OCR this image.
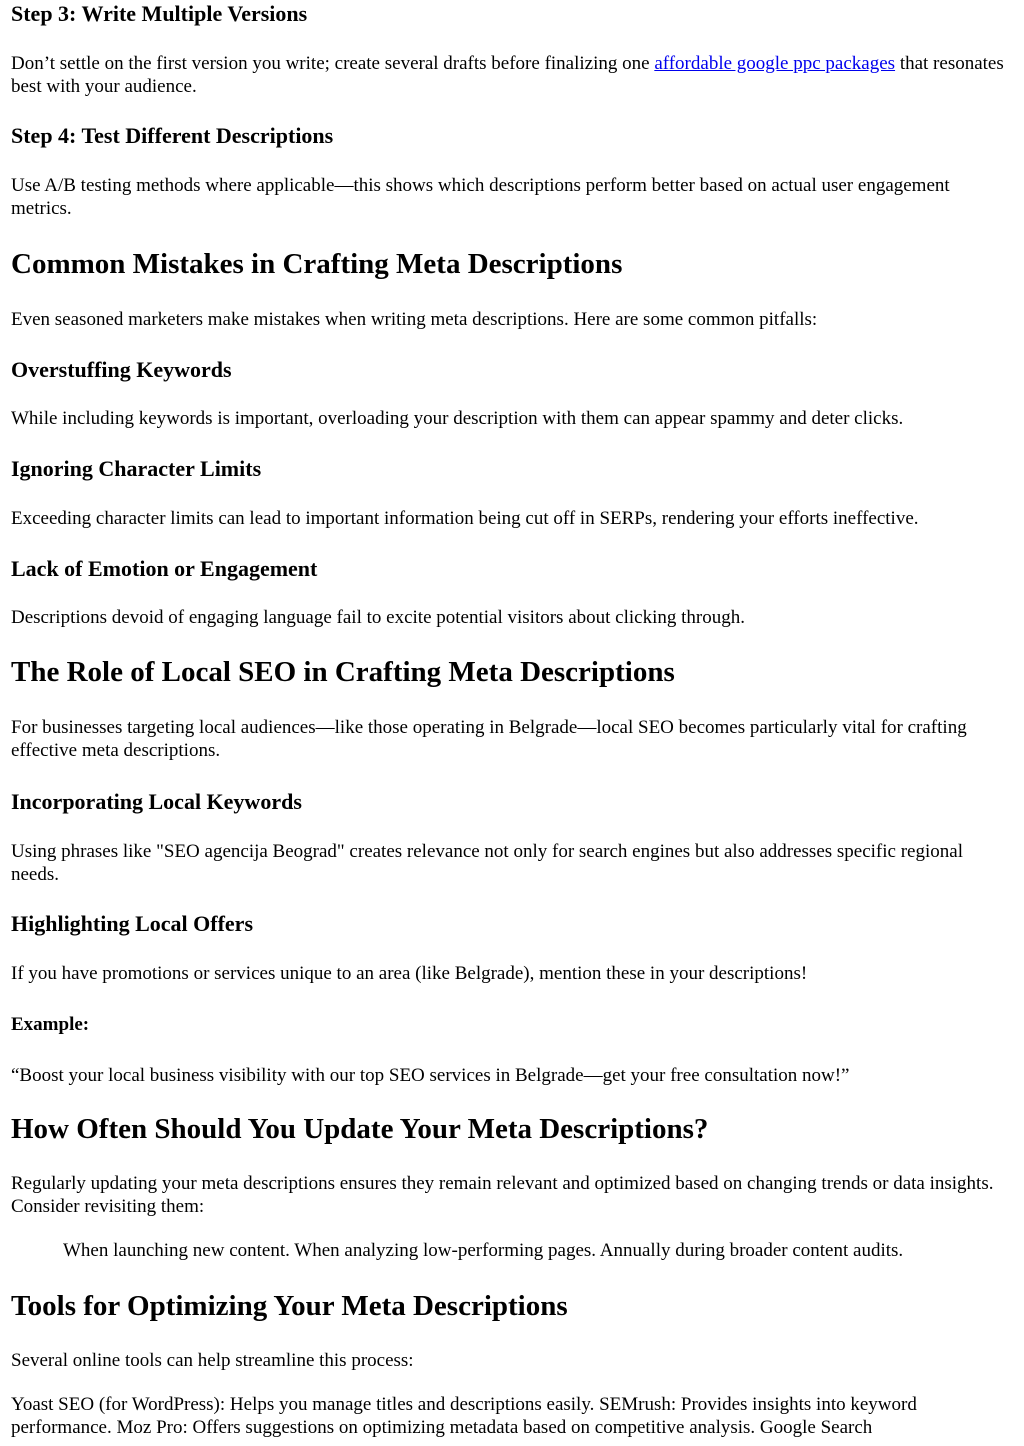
Step 3: Write Multiple Versions

Don’t settle on the first version you write; create several drafts before finalizing one affordable google ppc packages that resonates best with your audience.

Step 4: Test Different Descriptions

Use A/B testing methods where applicable—this shows which descriptions perform better based on actual user engagement metrics.

Common Mistakes in Crafting Meta Descriptions

Even seasoned marketers make mistakes when writing meta descriptions. Here are some common pitfalls:

Overstuffing Keywords

While including keywords is important, overloading your description with them can appear spammy and deter clicks.

Ignoring Character Limits

Exceeding character limits can lead to important information being cut off in SERPs, rendering your efforts ineffective.

Lack of Emotion or Engagement

Descriptions devoid of engaging language fail to excite potential visitors about clicking through.

The Role of Local SEO in Crafting Meta Descriptions

For businesses targeting local audiences—like those operating in Belgrade—local SEO becomes particularly vital for crafting effective meta descriptions.

Incorporating Local Keywords

Using phrases like "SEO agencija Beograd" creates relevance not only for search engines but also addresses specific regional needs.

Highlighting Local Offers

If you have promotions or services unique to an area (like Belgrade), mention these in your descriptions!

Example:

“Boost your local business visibility with our top SEO services in Belgrade—get your free consultation now!”

How Often Should You Update Your Meta Descriptions?

Regularly updating your meta descriptions ensures they remain relevant and optimized based on changing trends or data insights. Consider revisiting them:

When launching new content. When analyzing low-performing pages. Annually during broader content audits.

Tools for Optimizing Your Meta Descriptions

Several online tools can help streamline this process:

Yoast SEO (for WordPress): Helps you manage titles and descriptions easily. SEMrush: Provides insights into keyword performance. Moz Pro: Offers suggestions on optimizing metadata based on competitive analysis. Google Search
